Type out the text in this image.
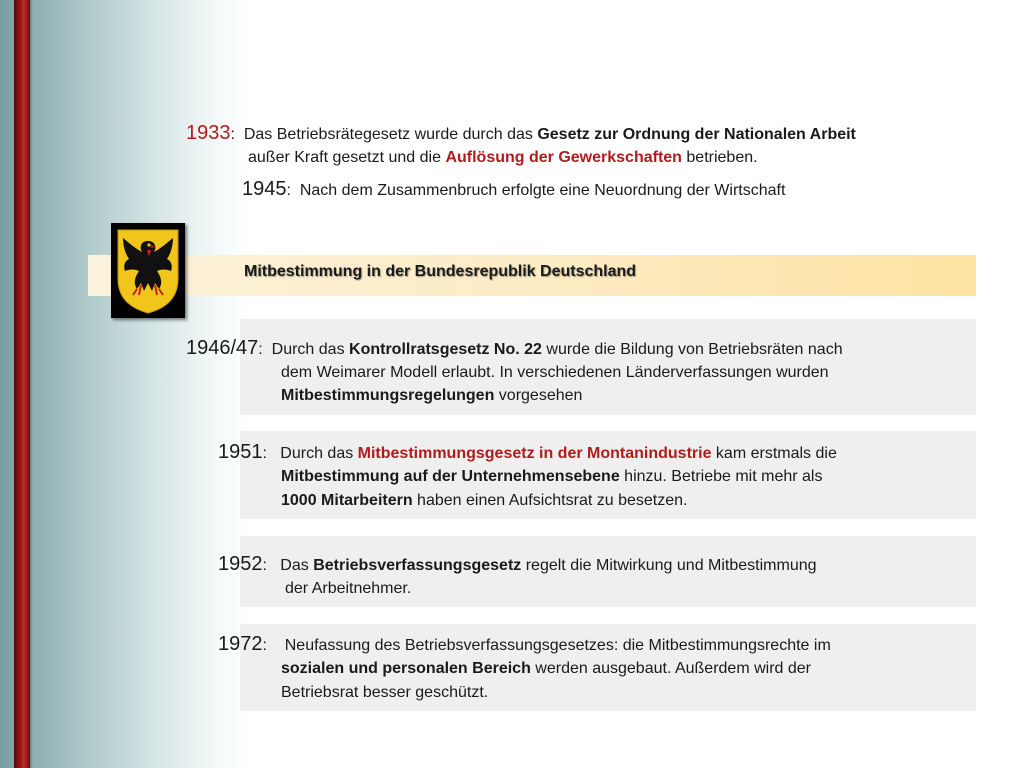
1933:  Das Betriebsrätegesetz wurde durch das Gesetz zur Ordnung der Nationalen Arbeit
außer Kraft gesetzt und die Auflösung der Gewerkschaften betrieben.
1945:  Nach dem Zusammenbruch erfolgte eine Neuordnung der Wirtschaft
Mitbestimmung in der Bundesrepublik Deutschland
1946/47:  Durch das Kontrollratsgesetz No. 22 wurde die Bildung von Betriebsräten nach
dem Weimarer Modell erlaubt. In verschiedenen Länderverfassungen wurden
Mitbestimmungsregelungen vorgesehen
1951:   Durch das Mitbestimmungsgesetz in der Montanindustrie kam erstmals die
Mitbestimmung auf der Unternehmensebene hinzu. Betriebe mit mehr als
1000 Mitarbeitern haben einen Aufsichtsrat zu besetzen.
1952:   Das Betriebsverfassungsgesetz regelt die Mitwirkung und Mitbestimmung
der Arbeitnehmer.
1972:    Neufassung des Betriebsverfassungsgesetzes: die Mitbestimmungsrechte im
sozialen und personalen Bereich werden ausgebaut. Außerdem wird der
Betriebsrat besser geschützt.
